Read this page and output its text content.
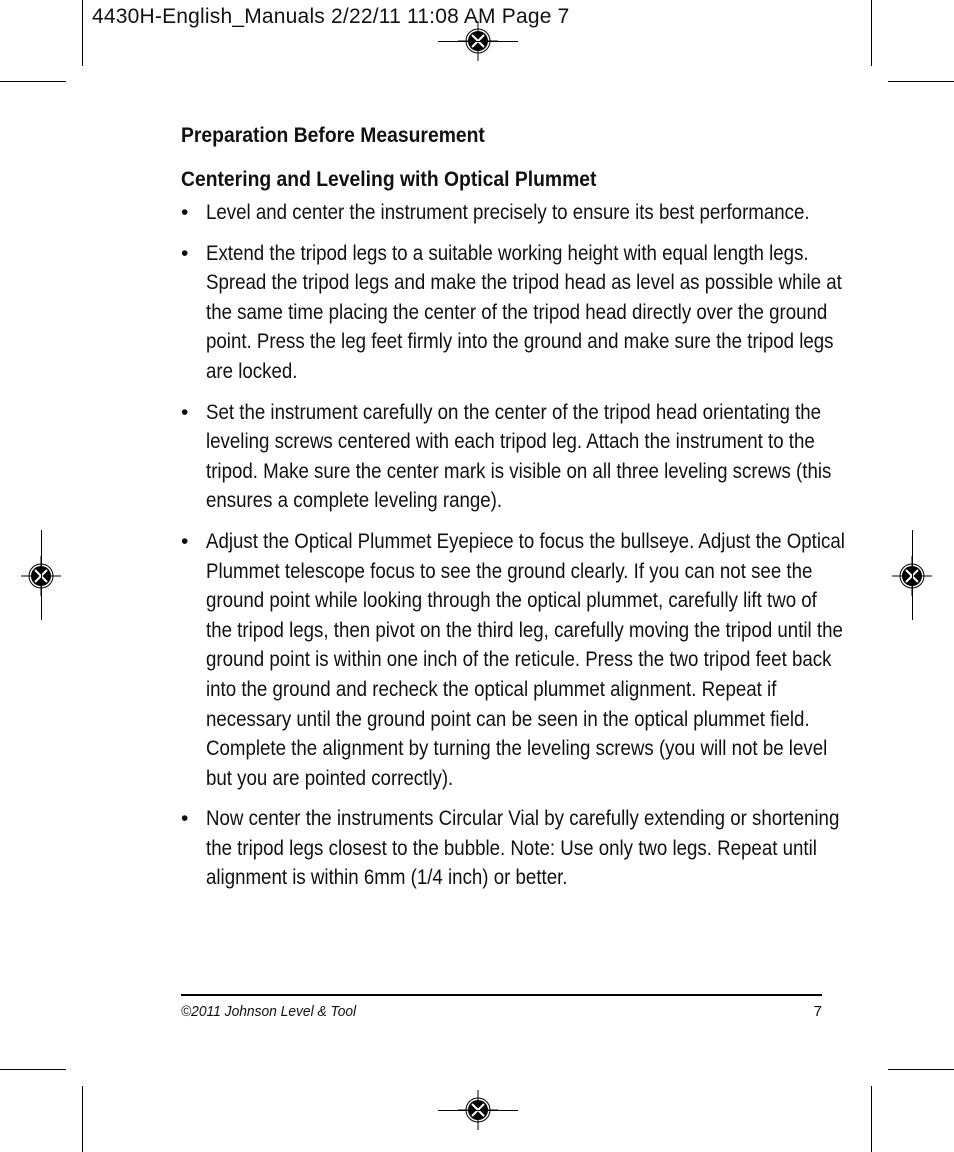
4430H-English_Manuals 2/22/11 11:08 AM Page 7
Preparation Before Measurement
Centering and Leveling with Optical Plummet
• Level and center the instrument precisely to ensure its best performance.
• Extend the tripod legs to a suitable working height with equal length legs. Spread the tripod legs and make the tripod head as level as possible while at the same time placing the center of the tripod head directly over the ground point. Press the leg feet firmly into the ground and make sure the tripod legs are locked.
• Set the instrument carefully on the center of the tripod head orientating the leveling screws centered with each tripod leg. Attach the instrument to the tripod. Make sure the center mark is visible on all three leveling screws (this ensures a complete leveling range).
• Adjust the Optical Plummet Eyepiece to focus the bullseye. Adjust the Optical Plummet telescope focus to see the ground clearly. If you can not see the ground point while looking through the optical plummet, carefully lift two of the tripod legs, then pivot on the third leg, carefully moving the tripod until the ground point is within one inch of the reticule. Press the two tripod feet back into the ground and recheck the optical plummet alignment. Repeat if necessary until the ground point can be seen in the optical plummet field. Complete the alignment by turning the leveling screws (you will not be level but you are pointed correctly).
• Now center the instruments Circular Vial by carefully extending or shortening the tripod legs closest to the bubble. Note: Use only two legs. Repeat until alignment is within 6mm (1/4 inch) or better.
©2011 Johnson Level & Tool	7
